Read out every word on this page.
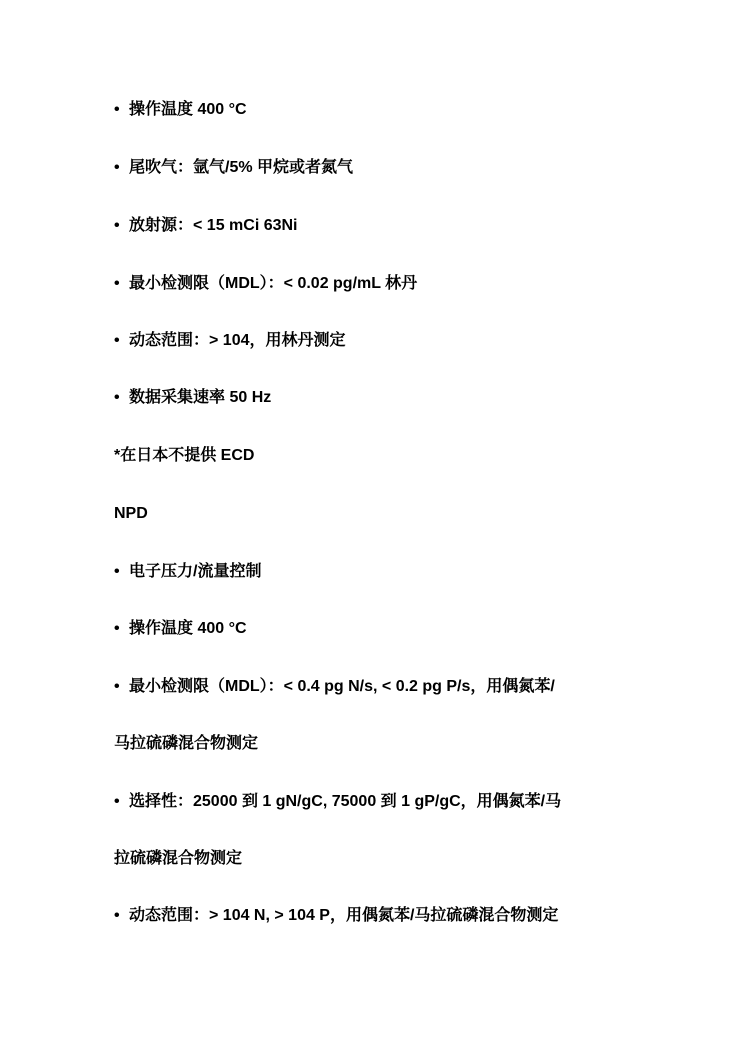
• 操作温度 400 °C
• 尾吹气：氩气/5% 甲烷或者氮气
• 放射源：< 15 mCi 63Ni
• 最小检测限（MDL）：< 0.02 pg/mL 林丹
• 动态范围：> 104，用林丹测定
• 数据采集速率 50 Hz
*在日本不提供 ECD
NPD
• 电子压力/流量控制
• 操作温度 400 °C
• 最小检测限（MDL）：< 0.4 pg N/s, < 0.2 pg P/s，用偶氮苯/
马拉硫磷混合物测定
• 选择性：25000 到 1 gN/gC, 75000 到 1 gP/gC，用偶氮苯/马
拉硫磷混合物测定
• 动态范围：> 104 N, > 104 P，用偶氮苯/马拉硫磷混合物测定
